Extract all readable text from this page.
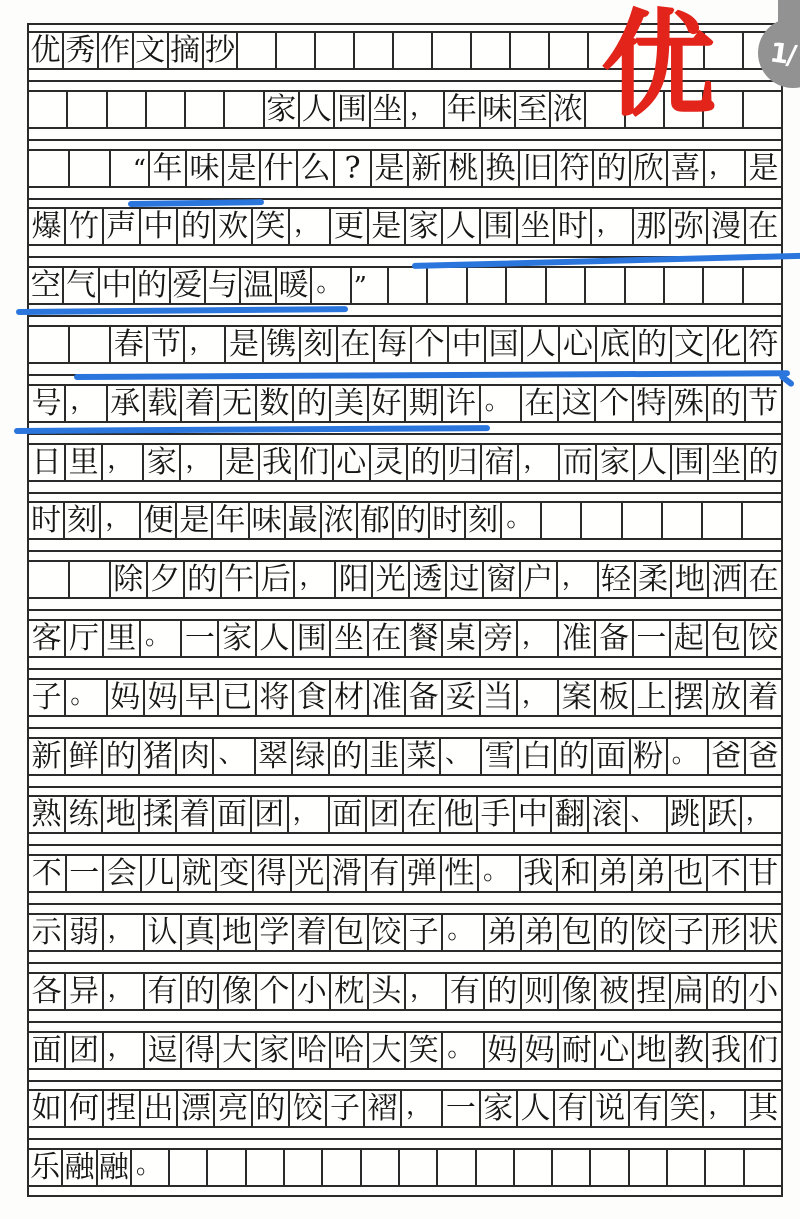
优 秀 作 文 摘 抄
家 人 围 坐 ， 年 味 至 浓
“ 年 味 是 什 么 ? 是 新 桃 换 旧 符 的 欣 喜 ， 是
爆 竹 声 中 的 欢 笑 ， 更 是 家 人 围 坐 时 ， 那 弥 漫 在
空 气 中 的 爱 与 温 暖 。 ”
春 节 ， 是 镌 刻 在 每 个 中 国 人 心 底 的 文 化 符
号 ， 承 载 着 无 数 的 美 好 期 许 。 在 这 个 特 殊 的 节
日 里 ， 家 ， 是 我 们 心 灵 的 归 宿 ， 而 家 人 围 坐 的
时 刻 ， 便 是 年 味 最 浓 郁 的 时 刻 。
除 夕 的 午 后 ， 阳 光 透 过 窗 户 ， 轻 柔 地 洒 在
客 厅 里 。 一 家 人 围 坐 在 餐 桌 旁 ， 准 备 一 起 包 饺
子 。 妈 妈 早 已 将 食 材 准 备 妥 当 ， 案 板 上 摆 放 着
新 鲜 的 猪 肉 、 翠 绿 的 韭 菜 、 雪 白 的 面 粉 。 爸 爸
熟 练 地 揉 着 面 团 ， 面 团 在 他 手 中 翻 滚 、 跳 跃 ，
不 一 会 儿 就 变 得 光 滑 有 弹 性 。 我 和 弟 弟 也 不 甘
示 弱 ， 认 真 地 学 着 包 饺 子 。 弟 弟 包 的 饺 子 形 状
各 异 ， 有 的 像 个 小 枕 头 ， 有 的 则 像 被 捏 扁 的 小
面 团 ， 逗 得 大 家 哈 哈 大 笑 。 妈 妈 耐 心 地 教 我 们
如 何 捏 出 漂 亮 的 饺 子 褶 ， 一 家 人 有 说 有 笑 ， 其
乐 融 融 。
优	1/
